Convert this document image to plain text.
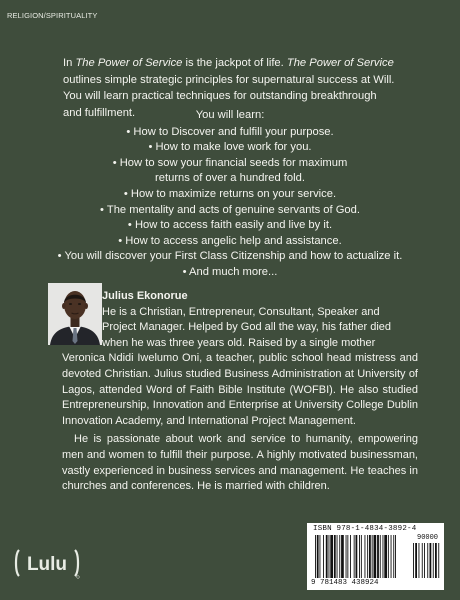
RELIGION/SPIRITUALITY
In The Power of Service is the jackpot of life. The Power of Service outlines simple strategic principles for supernatural success at Will. You will learn practical techniques for outstanding breakthrough and fulfillment.	You will learn:
• How to Discover and fulfill your purpose.
• How to make love work for you.
• How to sow your financial seeds for maximum
returns of over a hundred fold.
• How to maximize returns on your service.
• The mentality and acts of genuine servants of God.
• How to access faith easily and live by it.
• How to access angelic help and assistance.
• You will discover your First Class Citizenship and how to actualize it.
• And much more...
Julius Ekonorue

He is a Christian, Entrepreneur, Consultant, Speaker and

Project Manager. Helped by God all the way, his father died

when he was three years old. Raised by a single mother

Veronica Ndidi Iwelumo Oni, a teacher, public school head mistress and devoted Christian. Julius studied Business Administration at University of Lagos, attended Word of Faith Bible Institute (WOFBI). He also studied Entrepreneurship, Innovation and Enterprise at University College Dublin Innovation Academy, and International Project Management.

He is passionate about work and service to humanity, empowering men and women to fulfill their purpose. A highly motivated businessman, vastly experienced in business services and management. He teaches in churches and conferences. He is married with children.

ISBN 978-1-4834-3892-4
90000
9 781483 438924
Lulu
